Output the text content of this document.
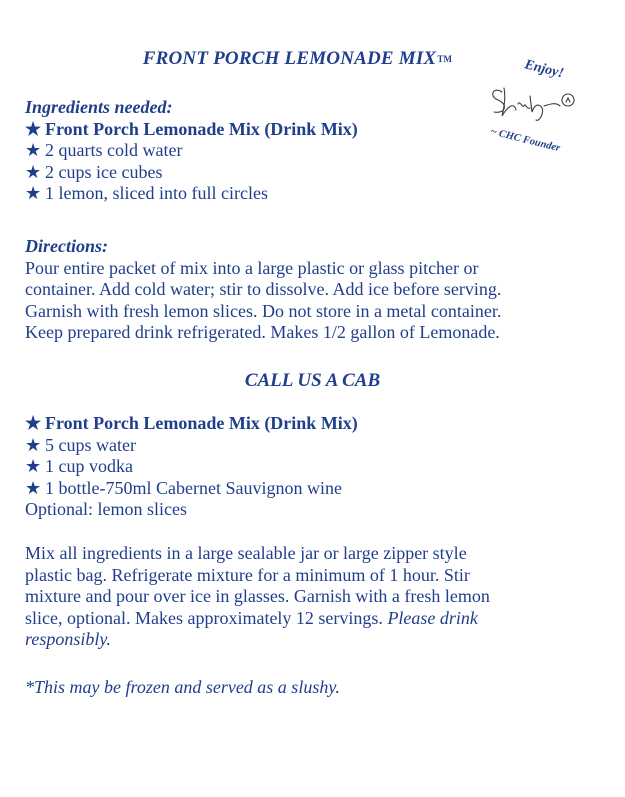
FRONT PORCH LEMONADE MIXTM	Enjoy!
~ CHC Founder
Ingredients needed:
★ Front Porch Lemonade Mix (Drink Mix)
★ 2 quarts cold water
★ 2 cups ice cubes
★ 1 lemon, sliced into full circles
Directions:
Pour entire packet of mix into a large plastic or glass pitcher or
container. Add cold water; stir to dissolve. Add ice before serving.
Garnish with fresh lemon slices. Do not store in a metal container.
Keep prepared drink refrigerated. Makes 1/2 gallon of Lemonade.
CALL US A CAB
★ Front Porch Lemonade Mix (Drink Mix)
★ 5 cups water
★ 1 cup vodka
★ 1 bottle-750ml Cabernet Sauvignon wine
Optional: lemon slices
Mix all ingredients in a large sealable jar or large zipper style
plastic bag. Refrigerate mixture for a minimum of 1 hour. Stir
mixture and pour over ice in glasses. Garnish with a fresh lemon
slice, optional. Makes approximately 12 servings. Please drink
responsibly.
*This may be frozen and served as a slushy.
